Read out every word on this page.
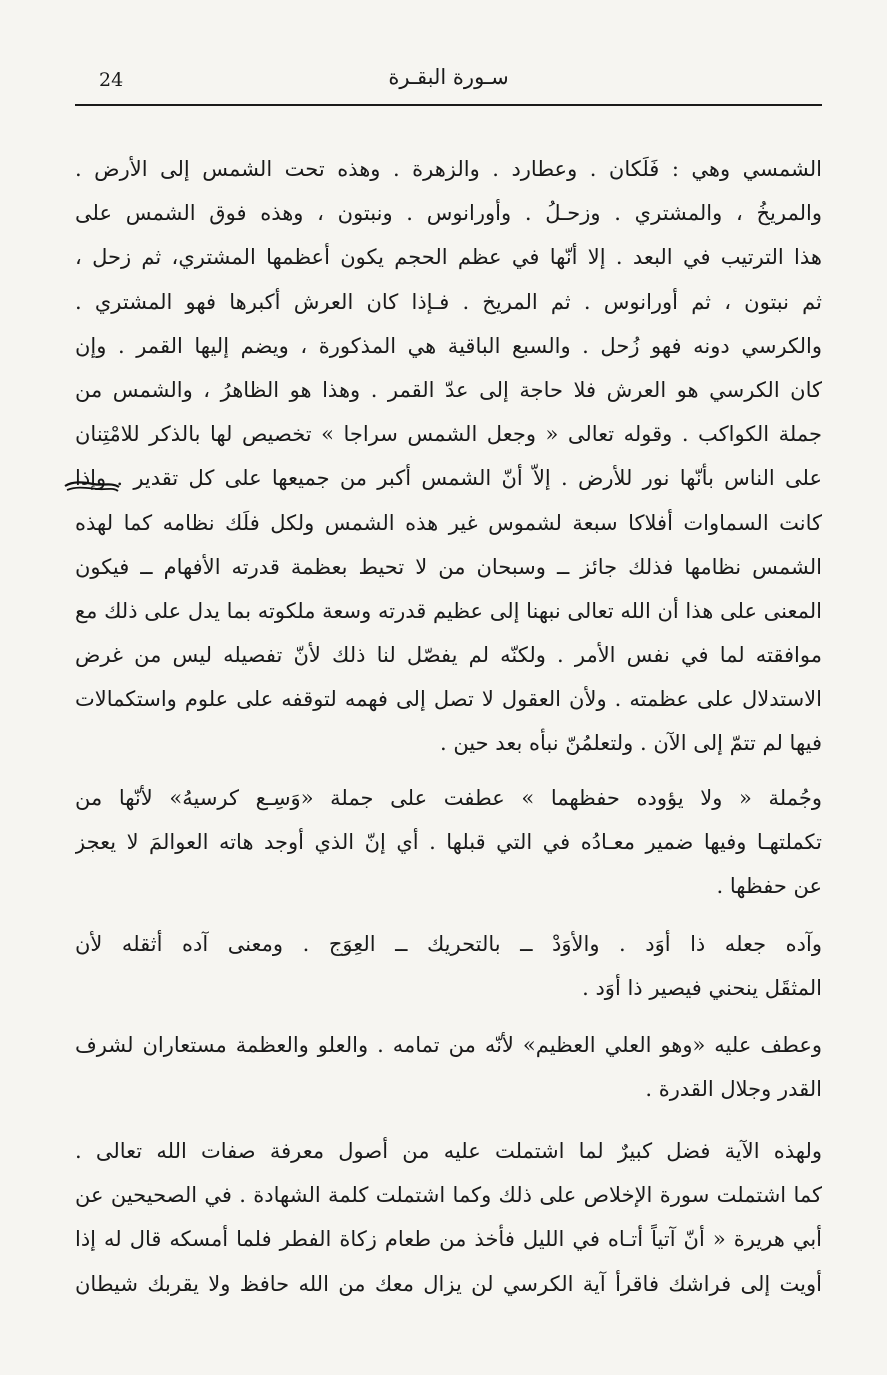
24	سـورة البقـرة
الشمسي وهي : فَلَكان . وعطارد . والزهرة . وهذه تحت الشمس إلى الأرض .
والمريخُ ، والمشتري . وزحـلُ . وأورانوس . ونبتون ، وهذه فوق الشمس على
هذا الترتيب في البعد . إلا أنّها في عظم الحجم يكون أعظمها المشتري، ثم زحل ،
ثم نبتون ، ثم أورانوس . ثم المريخ . فـإذا كان العرش أكبرها فهو المشتري .
والكرسي دونه فهو زُحل . والسبع الباقية هي المذكورة ، ويضم إليها القمر . وإن
كان الكرسي هو العرش فلا حاجة إلى عدّ القمر . وهذا هو الظاهرُ ، والشمس من
جملة الكواكب . وقوله تعالى « وجعل الشمس سراجا » تخصيص لها بالذكر للامْتِنان
على الناس بأنّها نور للأرض . إلاّ أنّ الشمس أكبر من جميعها على كل تقدير . وإذا
كانت السماوات أفلاكا سبعة لشموس غير هذه الشمس ولكل فلَك نظامه كما لهذه
الشمس نظامها فذلك جائز ــ وسبحان من لا تحيط بعظمة قدرته الأفهام ــ فيكون
المعنى على هذا أن الله تعالى نبهنا إلى عظيم قدرته وسعة ملكوته بما يدل على ذلك مع
موافقته لما في نفس الأمر . ولكنّه لم يفصّل لنا ذلك لأنّ تفصيله ليس من غرض
الاستدلال على عظمته . ولأن العقول لا تصل إلى فهمه لتوقفه على علوم واستكمالات
فيها لم تتمّ إلى الآن . ولتعلمُنّ نبأه بعد حين .
وجُملة « ولا يؤوده حفظهما » عطفت على جملة «وَسِـع كرسيهُ» لأنّها من
تكملتهـا وفيها ضمير معـادُه في التي قبلها . أي إنّ الذي أوجد هاته العوالمَ لا يعجز
عن حفظها .
وآده جعله ذا أوَد . والأوَدْ ــ بالتحريك ــ العِوَج . ومعنى آده أثقله لأن
المثقَل ينحني فيصير ذا أوَد .
وعطف عليه «وهو العلي العظيم» لأنّه من تمامه . والعلو والعظمة مستعاران لشرف
القدر وجلال القدرة .
ولهذه الآية فضل كبيرٌ لما اشتملت عليه من أصول معرفة صفات الله تعالى .
كما اشتملت سورة الإخلاص على ذلك وكما اشتملت كلمة الشهادة . في الصحيحين عن
أبي هريرة « أنّ آتياً أتـاه في الليل فأخذ من طعام زكاة الفطر فلما أمسكه قال له إذا
أويت إلى فراشك فاقرأ آية الكرسي لن يزال معك من الله حافظ ولا يقربك شيطان
